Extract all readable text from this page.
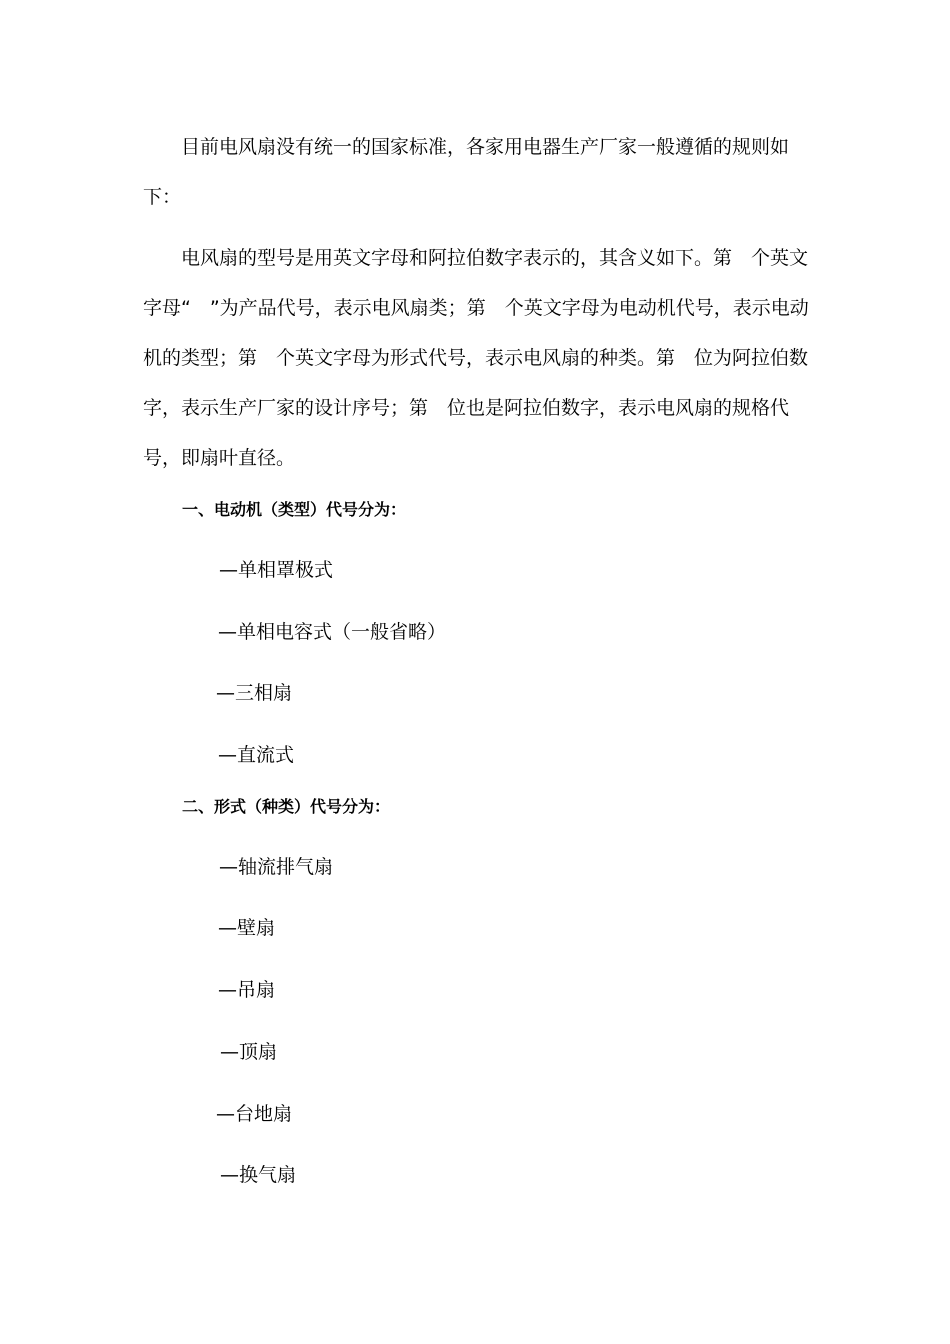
目前电风扇没有统一的国家标准，各家用电器生产厂家一般遵循的规则如下：

电风扇的型号是用英文字母和阿拉伯数字表示的，其含义如下。第　个英文字母“　”为产品代号，表示电风扇类；第　个英文字母为电动机代号，表示电动机的类型；第　个英文字母为形式代号，表示电风扇的种类。第　位为阿拉伯数字，表示生产厂家的设计序号；第　位也是阿拉伯数字，表示电风扇的规格代号，即扇叶直径。

一、电动机（类型）代号分为：

—单相罩极式

—单相电容式（一般省略）

—三相扇

—直流式

二、形式（种类）代号分为：

—轴流排气扇

—壁扇

—吊扇

—顶扇

—台地扇

—换气扇
